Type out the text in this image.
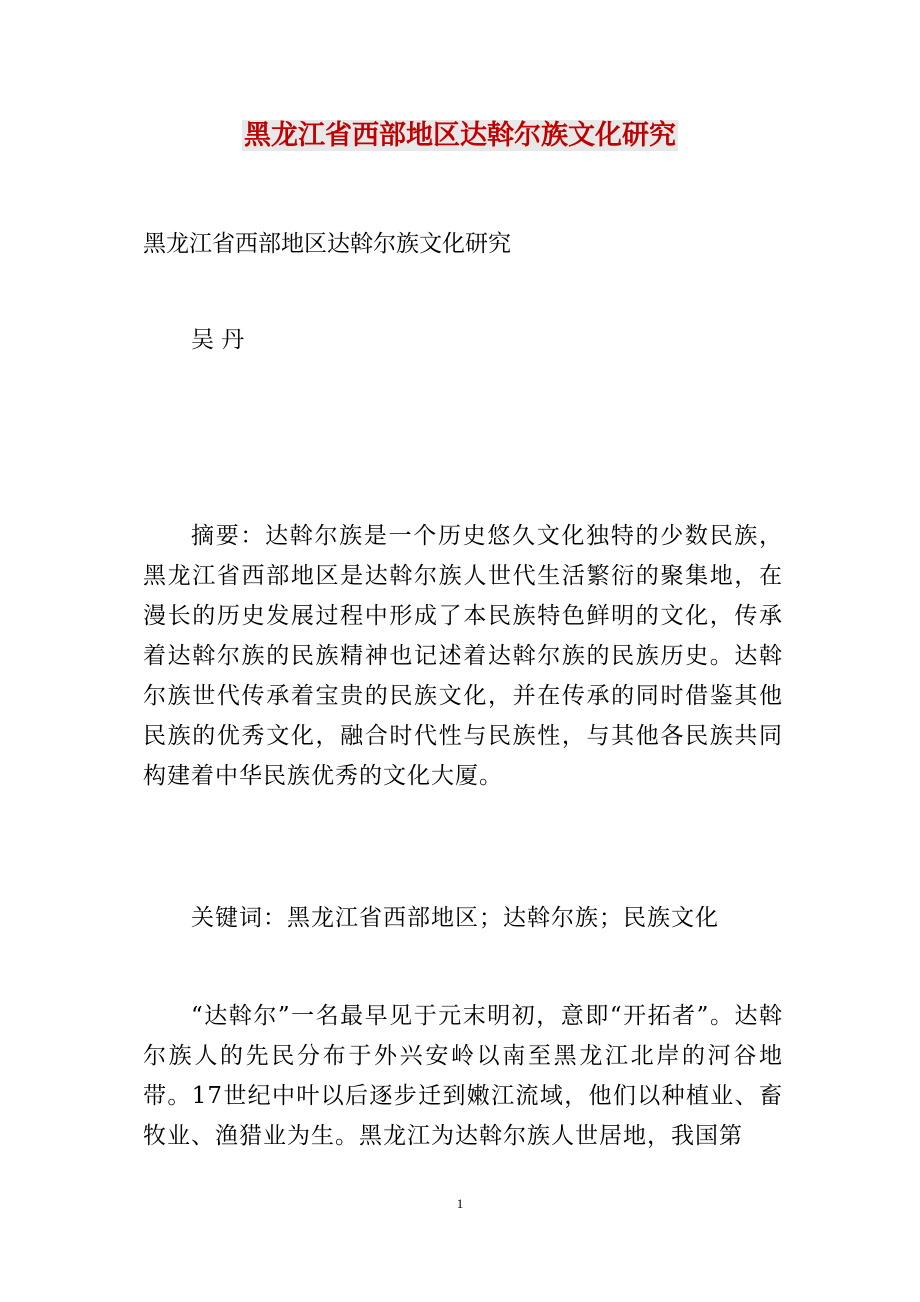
黑龙江省西部地区达斡尔族文化研究
黑龙江省西部地区达斡尔族文化研究
吴 丹
摘要：达斡尔族是一个历史悠久文化独特的少数民族，黑龙江省西部地区是达斡尔族人世代生活繁衍的聚集地，在漫长的历史发展过程中形成了本民族特色鲜明的文化，传承着达斡尔族的民族精神也记述着达斡尔族的民族历史。达斡尔族世代传承着宝贵的民族文化，并在传承的同时借鉴其他民族的优秀文化，融合时代性与民族性，与其他各民族共同构建着中华民族优秀的文化大厦。
关键词：黑龙江省西部地区；达斡尔族；民族文化
“达斡尔”一名最早见于元末明初，意即“开拓者”。达斡尔族人的先民分布于外兴安岭以南至黑龙江北岸的河谷地带。17世纪中叶以后逐步迁到嫩江流域，他们以种植业、畜牧业、渔猎业为生。黑龙江为达斡尔族人世居地，我国第
1
